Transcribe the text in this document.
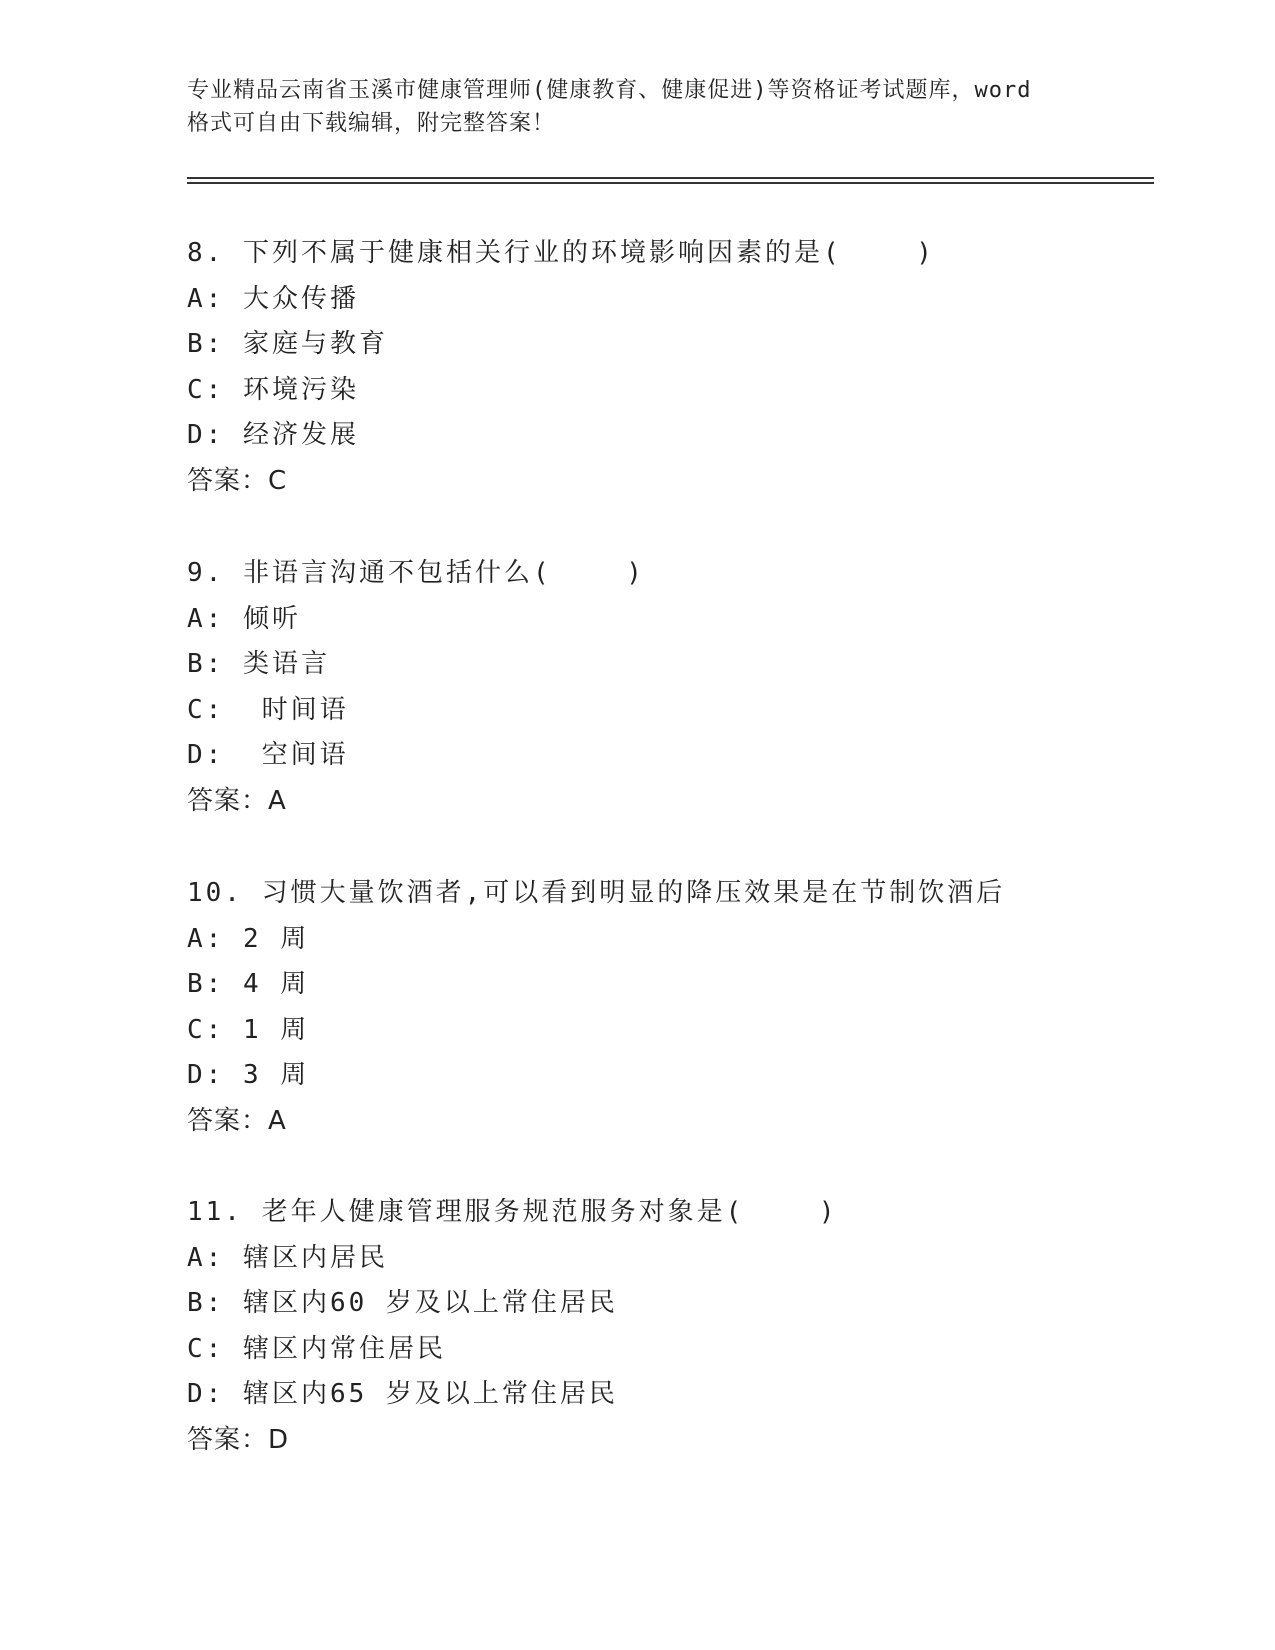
专业精品云南省玉溪市健康管理师(健康教育、健康促进)等资格证考试题库，word
格式可自由下载编辑，附完整答案！
8. 下列不属于健康相关行业的环境影响因素的是(    )
A: 大众传播
B: 家庭与教育
C: 环境污染
D: 经济发展
答案：C
9. 非语言沟通不包括什么(    )
A: 倾听
B: 类语言
C:  时间语
D:  空间语
答案：A
10. 习惯大量饮酒者,可以看到明显的降压效果是在节制饮酒后
A: 2 周
B: 4 周
C: 1 周
D: 3 周
答案：A
11. 老年人健康管理服务规范服务对象是(    )
A: 辖区内居民
B: 辖区内60 岁及以上常住居民
C: 辖区内常住居民
D: 辖区内65 岁及以上常住居民
答案：D
